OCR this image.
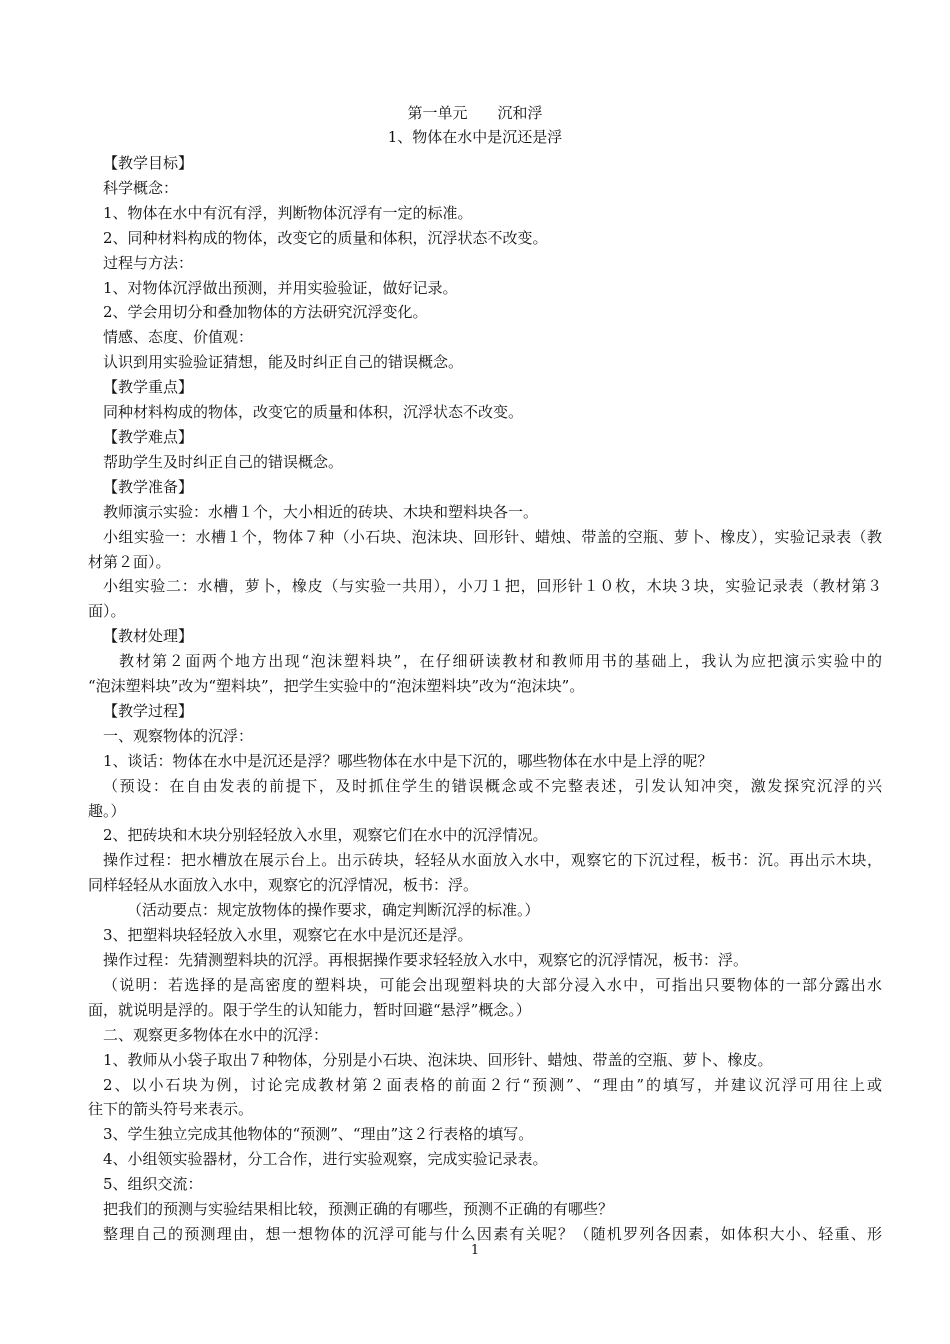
第一单元　　沉和浮
1、物体在水中是沉还是浮
【教学目标】
科学概念：
1、物体在水中有沉有浮，判断物体沉浮有一定的标准。
2、同种材料构成的物体，改变它的质量和体积，沉浮状态不改变。
过程与方法：
1、对物体沉浮做出预测，并用实验验证，做好记录。
2、学会用切分和叠加物体的方法研究沉浮变化。
情感、态度、价值观：
认识到用实验验证猜想，能及时纠正自己的错误概念。
【教学重点】
同种材料构成的物体，改变它的质量和体积，沉浮状态不改变。
【教学难点】
帮助学生及时纠正自己的错误概念。
【教学准备】
教师演示实验：水槽１个，大小相近的砖块、木块和塑料块各一。
小组实验一：水槽１个，物体７种（小石块、泡沫块、回形针、蜡烛、带盖的空瓶、萝卜、橡皮），实验记录表（教
材第２面）。
小组实验二：水槽，萝卜，橡皮（与实验一共用），小刀１把，回形针１０枚，木块３块，实验记录表（教材第３
面）。
【教材处理】
教材第２面两个地方出现“泡沫塑料块”，在仔细研读教材和教师用书的基础上，我认为应把演示实验中的
“泡沫塑料块”改为“塑料块”，把学生实验中的“泡沫塑料块”改为“泡沫块”。
【教学过程】
一、观察物体的沉浮：
1、谈话：物体在水中是沉还是浮？哪些物体在水中是下沉的，哪些物体在水中是上浮的呢？
（预设：在自由发表的前提下，及时抓住学生的错误概念或不完整表述，引发认知冲突，激发探究沉浮的兴
趣。）
2、把砖块和木块分别轻轻放入水里，观察它们在水中的沉浮情况。
操作过程：把水槽放在展示台上。出示砖块，轻轻从水面放入水中，观察它的下沉过程，板书：沉。再出示木块，
同样轻轻从水面放入水中，观察它的沉浮情况，板书：浮。
（活动要点：规定放物体的操作要求，确定判断沉浮的标准。）
3、把塑料块轻轻放入水里，观察它在水中是沉还是浮。
操作过程：先猜测塑料块的沉浮。再根据操作要求轻轻放入水中，观察它的沉浮情况，板书：浮。
（说明：若选择的是高密度的塑料块，可能会出现塑料块的大部分浸入水中，可指出只要物体的一部分露出水
面，就说明是浮的。限于学生的认知能力，暂时回避“悬浮”概念。）
二、观察更多物体在水中的沉浮：
1、教师从小袋子取出７种物体，分别是小石块、泡沫块、回形针、蜡烛、带盖的空瓶、萝卜、橡皮。
2、以小石块为例，讨论完成教材第２面表格的前面２行“预测”、“理由”的填写，并建议沉浮可用往上或
往下的箭头符号来表示。
3、学生独立完成其他物体的“预测”、“理由”这２行表格的填写。
4、小组领实验器材，分工合作，进行实验观察，完成实验记录表。
5、组织交流：
把我们的预测与实验结果相比较，预测正确的有哪些，预测不正确的有哪些？
整理自己的预测理由，想一想物体的沉浮可能与什么因素有关呢？（随机罗列各因素，如体积大小、轻重、形
1
